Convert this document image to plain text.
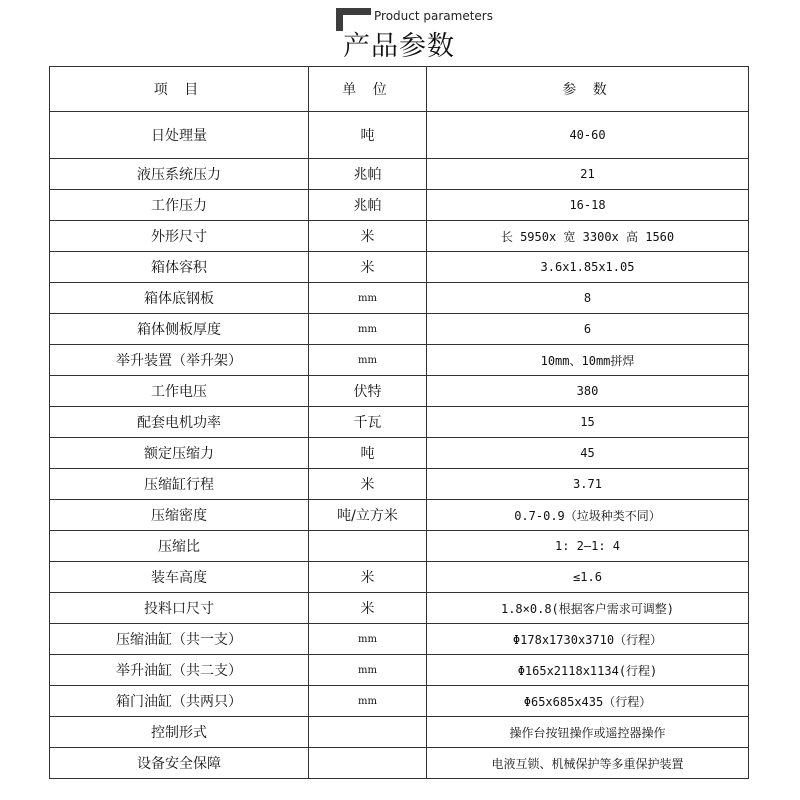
Product parameters
产品参数
项 目	单 位	参 数
日处理量	吨	40-60
液压系统压力	兆帕	21
工作压力	兆帕	16-18
外形尺寸	米	长 5950x 宽 3300x 高 1560
箱体容积	米	3.6x1.85x1.05
箱体底钢板	mm	8
箱体侧板厚度	mm	6
举升装置（举升架）	mm	10mm、10mm拼焊
工作电压	伏特	380
配套电机功率	千瓦	15
额定压缩力	吨	45
压缩缸行程	米	3.71
压缩密度	吨/立方米	0.7-0.9（垃圾种类不同）
压缩比		1: 2—1: 4
装车高度	米	≤1.6
投料口尺寸	米	1.8×0.8(根据客户需求可调整)
压缩油缸（共一支）	mm	Φ178x1730x3710（行程）
举升油缸（共二支）	mm	Φ165x2118x1134(行程)
箱门油缸（共两只）	mm	Φ65x685x435（行程）
控制形式		操作台按钮操作或遥控器操作
设备安全保障		电液互锁、机械保护等多重保护装置
